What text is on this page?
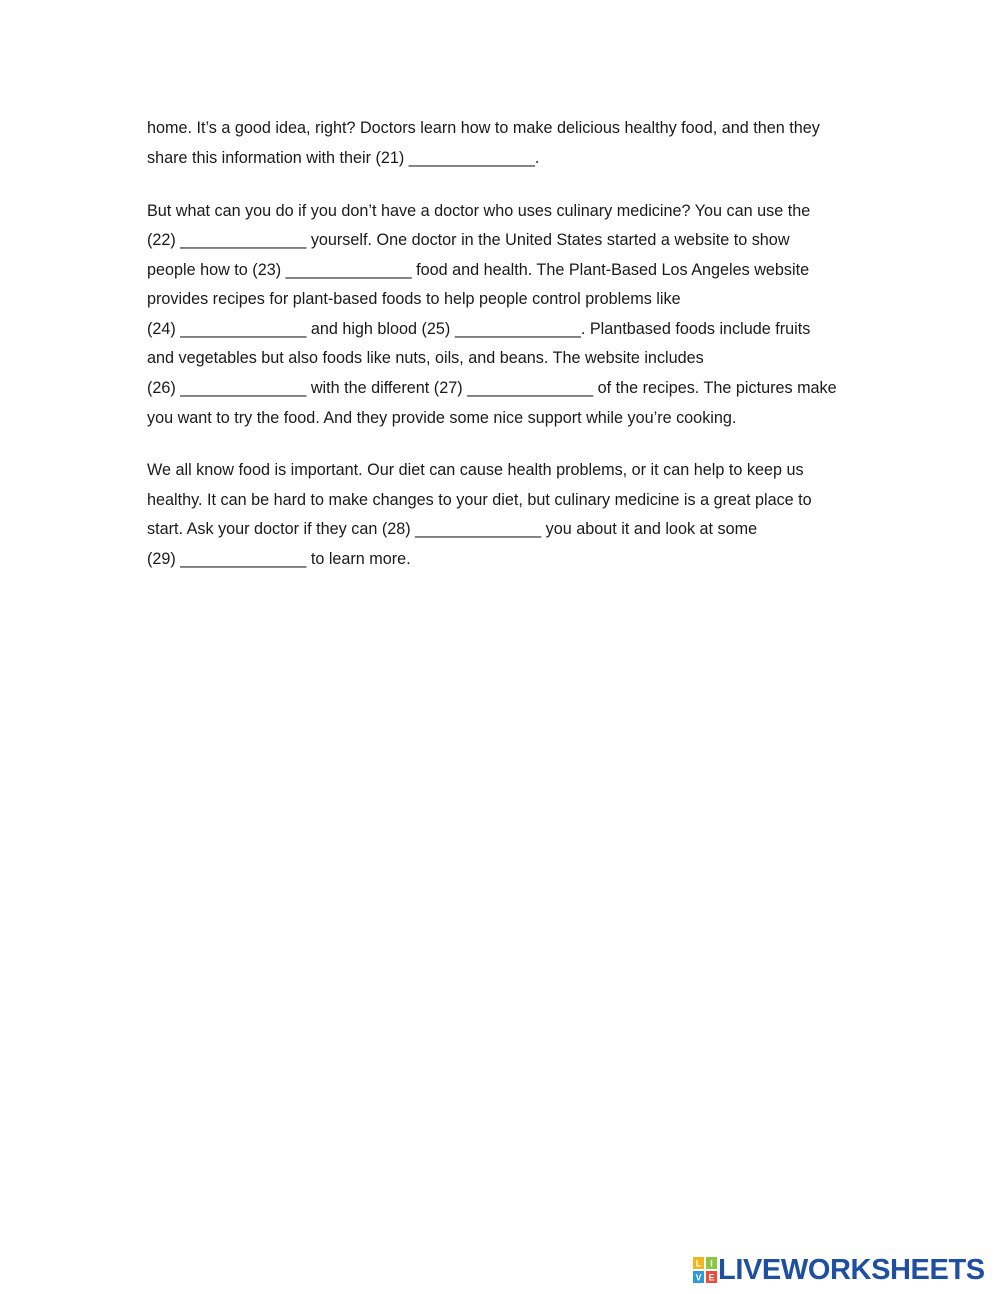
home. It’s a good idea, right? Doctors learn how to make delicious healthy food, and then they

share this information with their (21) ______________.

But what can you do if you don’t have a doctor who uses culinary medicine? You can use the

(22) ______________ yourself. One doctor in the United States started a website to show

people how to (23) ______________ food and health. The Plant-Based Los Angeles website

provides recipes for plant-based foods to help people control problems like

(24) ______________ and high blood (25) ______________. Plantbased foods include fruits

and vegetables but also foods like nuts, oils, and beans. The website includes

(26) ______________ with the different (27) ______________ of the recipes. The pictures make

you want to try the food. And they provide some nice support while you’re cooking.

We all know food is important. Our diet can cause health problems, or it can help to keep us

healthy. It can be hard to make changes to your diet, but culinary medicine is a great place to

start. Ask your doctor if they can (28) ______________ you about it and look at some

(29) ______________ to learn more.

L I
V E LIVEWORKSHEETS
